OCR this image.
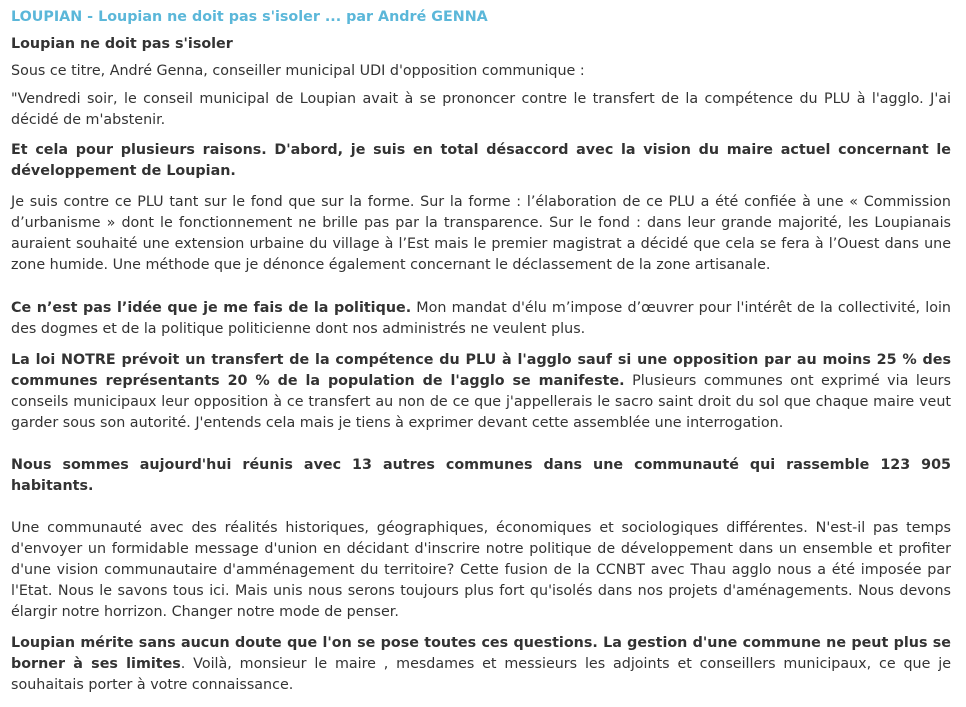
LOUPIAN - Loupian ne doit pas s'isoler ... par André GENNA
Loupian ne doit pas s'isoler

Sous ce titre, André Genna, conseiller municipal UDI d'opposition communique :

"Vendredi soir, le conseil municipal de Loupian avait à se prononcer contre le transfert de la compétence du PLU à l'agglo. J'ai décidé de m'abstenir.

Et cela pour plusieurs raisons. D'abord, je suis en total désaccord avec la vision du maire actuel concernant le développement de Loupian.

Je suis contre ce PLU tant sur le fond que sur la forme. Sur la forme : l’élaboration de ce PLU a été confiée à une « Commission d’urbanisme » dont le fonctionnement ne brille pas par la transparence. Sur le fond : dans leur grande majorité, les Loupianais auraient souhaité une extension urbaine du village à l’Est mais le premier magistrat a décidé que cela se fera à l’Ouest dans une zone humide. Une méthode que je dénonce également concernant le déclassement de la zone artisanale.

Ce n’est pas l’idée que je me fais de la politique. Mon mandat d'élu m’impose d’œuvrer pour l'intérêt de la collectivité, loin des dogmes et de la politique politicienne dont nos administrés ne veulent plus.

La loi NOTRE prévoit un transfert de la compétence du PLU à l'agglo sauf si une opposition par au moins 25 % des communes représentants 20 % de la population de l'agglo se manifeste. Plusieurs communes ont exprimé via leurs conseils municipaux leur opposition à ce transfert au non de ce que j'appellerais le sacro saint droit du sol que chaque maire veut garder sous son autorité. J'entends cela mais je tiens à exprimer devant cette assemblée une interrogation.

Nous sommes aujourd'hui réunis avec 13 autres communes dans une communauté qui rassemble 123 905 habitants.

Une communauté avec des réalités historiques, géographiques, économiques et sociologiques différentes. N'est-il pas temps d'envoyer un formidable message d'union en décidant d'inscrire notre politique de développement dans un ensemble et profiter d'une vision communautaire d'amménagement du territoire? Cette fusion de la CCNBT avec Thau agglo nous a été imposée par l'Etat. Nous le savons tous ici. Mais unis nous serons toujours plus fort qu'isolés dans nos projets d'aménagements. Nous devons élargir notre horrizon. Changer notre mode de penser.

Loupian mérite sans aucun doute que l'on se pose toutes ces questions. La gestion d'une commune ne peut plus se borner à ses limites. Voilà, monsieur le maire , mesdames et messieurs les adjoints et conseillers municipaux, ce que je souhaitais porter à votre connaissance.
